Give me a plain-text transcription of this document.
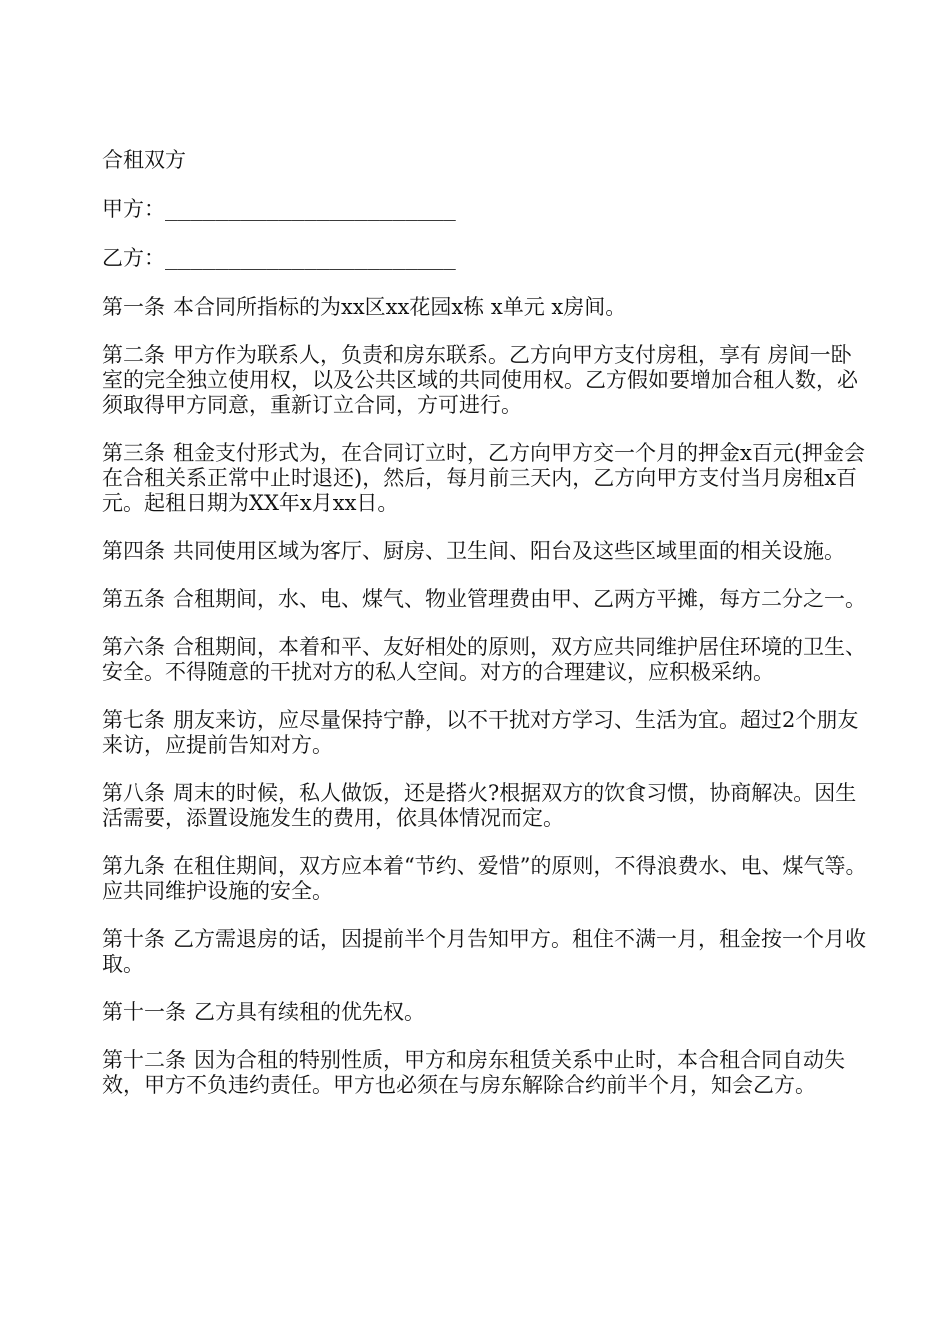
合租双方

甲方：_______________________

乙方：_______________________

第一条 本合同所指标的为xx区xx花园x栋 x单元 x房间。

第二条 甲方作为联系人，负责和房东联系。乙方向甲方支付房租，享有 房间一卧室的完全独立使用权，以及公共区域的共同使用权。乙方假如要增加合租人数，必须取得甲方同意，重新订立合同，方可进行。

第三条 租金支付形式为，在合同订立时，乙方向甲方交一个月的押金x百元(押金会在合租关系正常中止时退还)，然后，每月前三天内，乙方向甲方支付当月房租x百元。起租日期为XX年x月xx日。

第四条 共同使用区域为客厅、厨房、卫生间、阳台及这些区域里面的相关设施。

第五条 合租期间，水、电、煤气、物业管理费由甲、乙两方平摊，每方二分之一。

第六条 合租期间，本着和平、友好相处的原则，双方应共同维护居住环境的卫生、安全。不得随意的干扰对方的私人空间。对方的合理建议，应积极采纳。

第七条 朋友来访，应尽量保持宁静，以不干扰对方学习、生活为宜。超过2个朋友来访，应提前告知对方。

第八条 周末的时候，私人做饭，还是搭火?根据双方的饮食习惯，协商解决。因生活需要，添置设施发生的费用，依具体情况而定。

第九条 在租住期间，双方应本着“节约、爱惜”的原则，不得浪费水、电、煤气等。应共同维护设施的安全。

第十条 乙方需退房的话，因提前半个月告知甲方。租住不满一月，租金按一个月收取。

第十一条 乙方具有续租的优先权。

第十二条 因为合租的特别性质，甲方和房东租赁关系中止时，本合租合同自动失效，甲方不负违约责任。甲方也必须在与房东解除合约前半个月，知会乙方。
